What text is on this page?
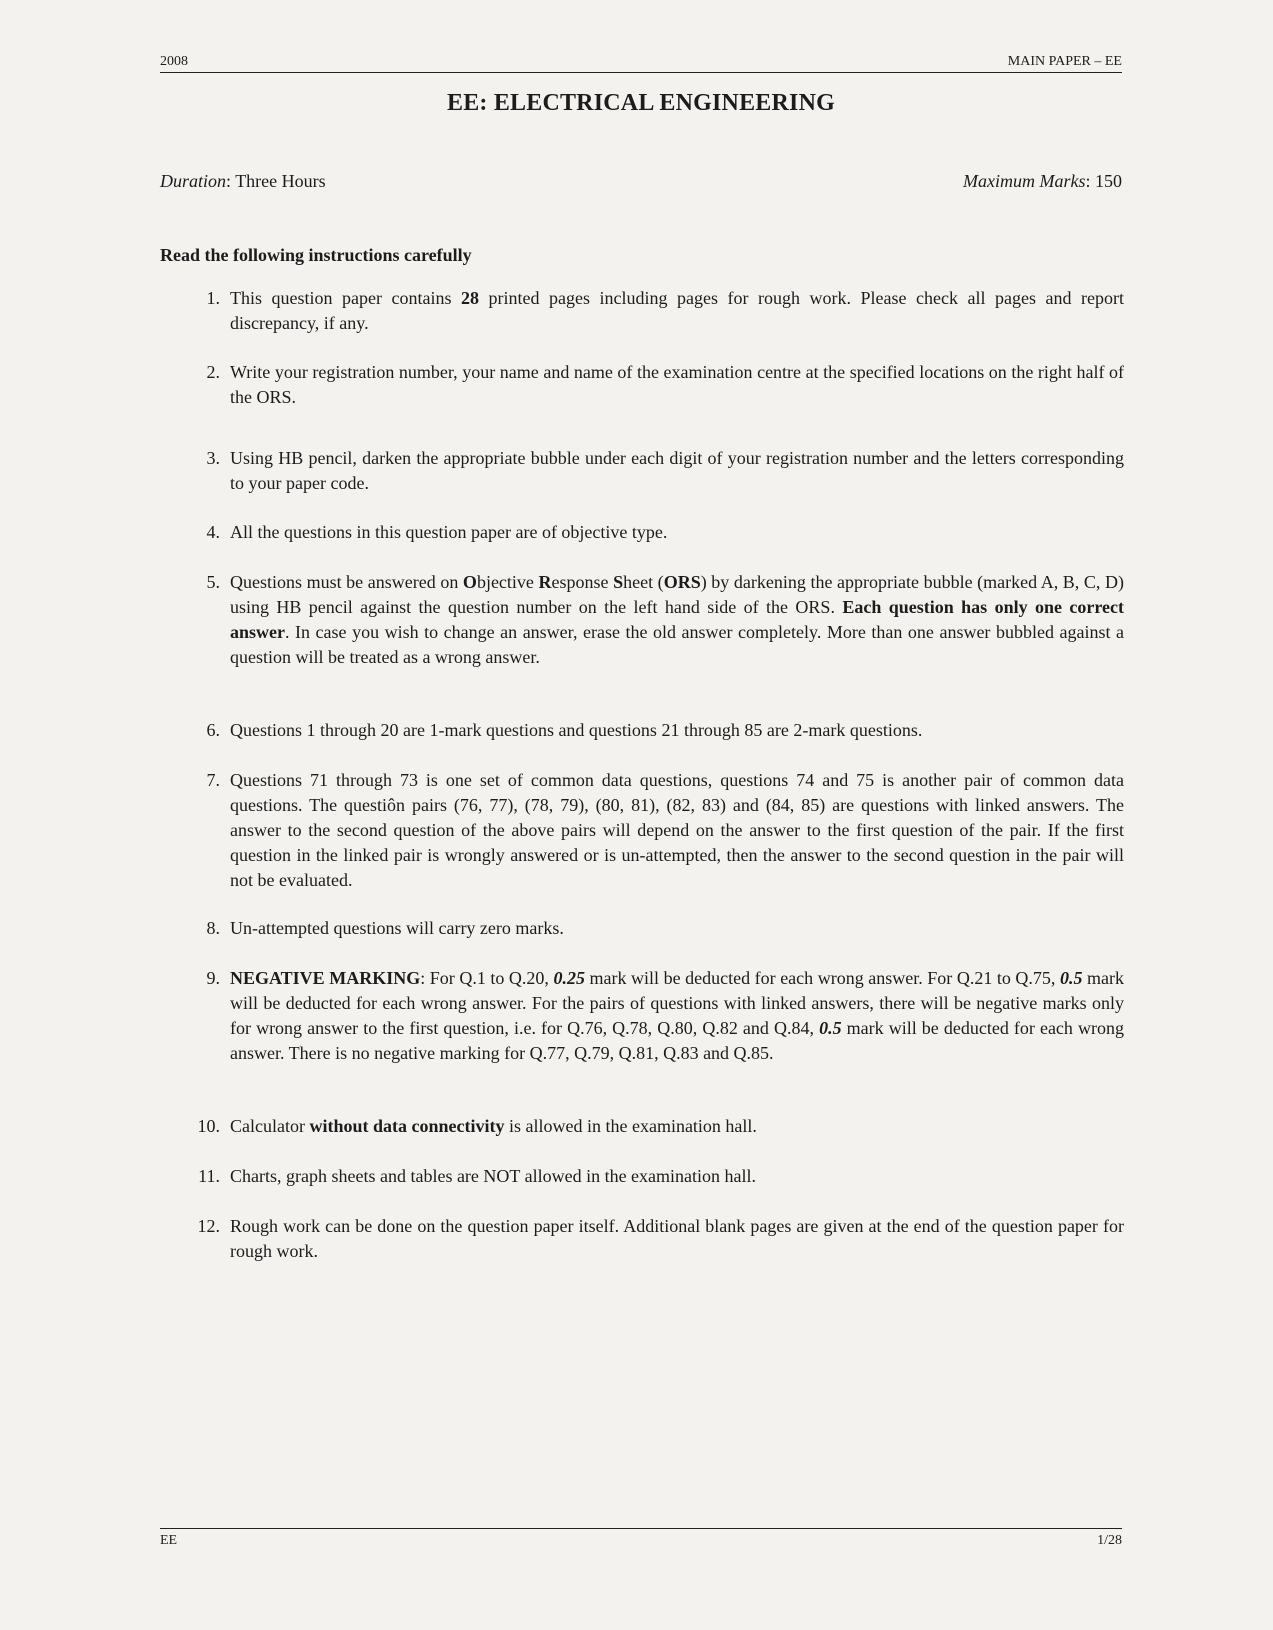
2008	MAIN PAPER – EE
EE: ELECTRICAL ENGINEERING
Duration: Three Hours	Maximum Marks: 150
Read the following instructions carefully
1. This question paper contains 28 printed pages including pages for rough work. Please check all pages and report discrepancy, if any.
2. Write your registration number, your name and name of the examination centre at the specified locations on the right half of the ORS.
3. Using HB pencil, darken the appropriate bubble under each digit of your registration number and the letters corresponding to your paper code.
4. All the questions in this question paper are of objective type.
5. Questions must be answered on Objective Response Sheet (ORS) by darkening the appropriate bubble (marked A, B, C, D) using HB pencil against the question number on the left hand side of the ORS. Each question has only one correct answer. In case you wish to change an answer, erase the old answer completely. More than one answer bubbled against a question will be treated as a wrong answer.
6. Questions 1 through 20 are 1-mark questions and questions 21 through 85 are 2-mark questions.
7. Questions 71 through 73 is one set of common data questions, questions 74 and 75 is another pair of common data questions. The questiôn pairs (76, 77), (78, 79), (80, 81), (82, 83) and (84, 85) are questions with linked answers. The answer to the second question of the above pairs will depend on the answer to the first question of the pair. If the first question in the linked pair is wrongly answered or is un-attempted, then the answer to the second question in the pair will not be evaluated.
8. Un-attempted questions will carry zero marks.
9. NEGATIVE MARKING: For Q.1 to Q.20, 0.25 mark will be deducted for each wrong answer. For Q.21 to Q.75, 0.5 mark will be deducted for each wrong answer. For the pairs of questions with linked answers, there will be negative marks only for wrong answer to the first question, i.e. for Q.76, Q.78, Q.80, Q.82 and Q.84, 0.5 mark will be deducted for each wrong answer. There is no negative marking for Q.77, Q.79, Q.81, Q.83 and Q.85.
10. Calculator without data connectivity is allowed in the examination hall.
11. Charts, graph sheets and tables are NOT allowed in the examination hall.
12. Rough work can be done on the question paper itself. Additional blank pages are given at the end of the question paper for rough work.
EE	1/28
